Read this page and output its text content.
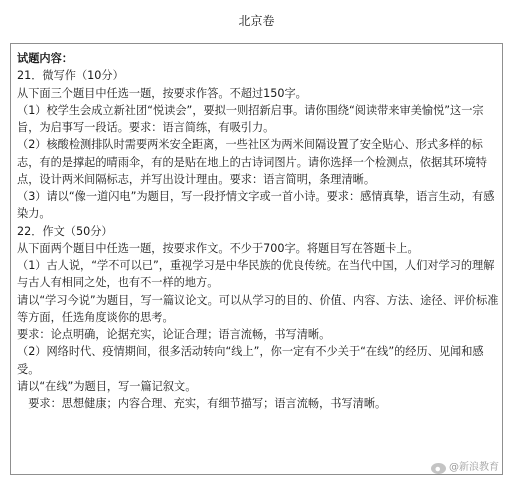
北京卷
试题内容：
21．微写作（10分）
从下面三个题目中任选一题，按要求作答。不超过150字。
（1）校学生会成立新社团“悦读会”，要拟一则招新启事。请你围绕“阅读带来审美愉悦”这一宗
旨，为启事写一段话。要求：语言简练，有吸引力。
（2）核酸检测排队时需要两米安全距离，一些社区为两米间隔设置了安全贴心、形式多样的标
志，有的是撑起的晴雨伞，有的是贴在地上的古诗词图片。请你选择一个检测点，依据其环境特
点，设计两米间隔标志，并写出设计理由。要求：语言简明，条理清晰。
（3）请以“像一道闪电”为题目，写一段抒情文字或一首小诗。要求：感情真挚，语言生动，有感
染力。
22．作文（50分）
从下面两个题目中任选一题，按要求作文。不少于700字。将题目写在答题卡上。
（1）古人说，“学不可以已”，重视学习是中华民族的优良传统。在当代中国，人们对学习的理解
与古人有相同之处，也有不一样的地方。
请以“学习今说”为题目，写一篇议论文。可以从学习的目的、价值、内容、方法、途径、评价标准
等方面，任选角度谈你的思考。
要求：论点明确，论据充实，论证合理；语言流畅，书写清晰。
（2）网络时代、疫情期间，很多活动转向“线上”，你一定有不少关于“在线”的经历、见闻和感
受。
请以“在线”为题目，写一篇记叙文。
　要求：思想健康；内容合理、充实，有细节描写；语言流畅，书写清晰。
@新浪教育
